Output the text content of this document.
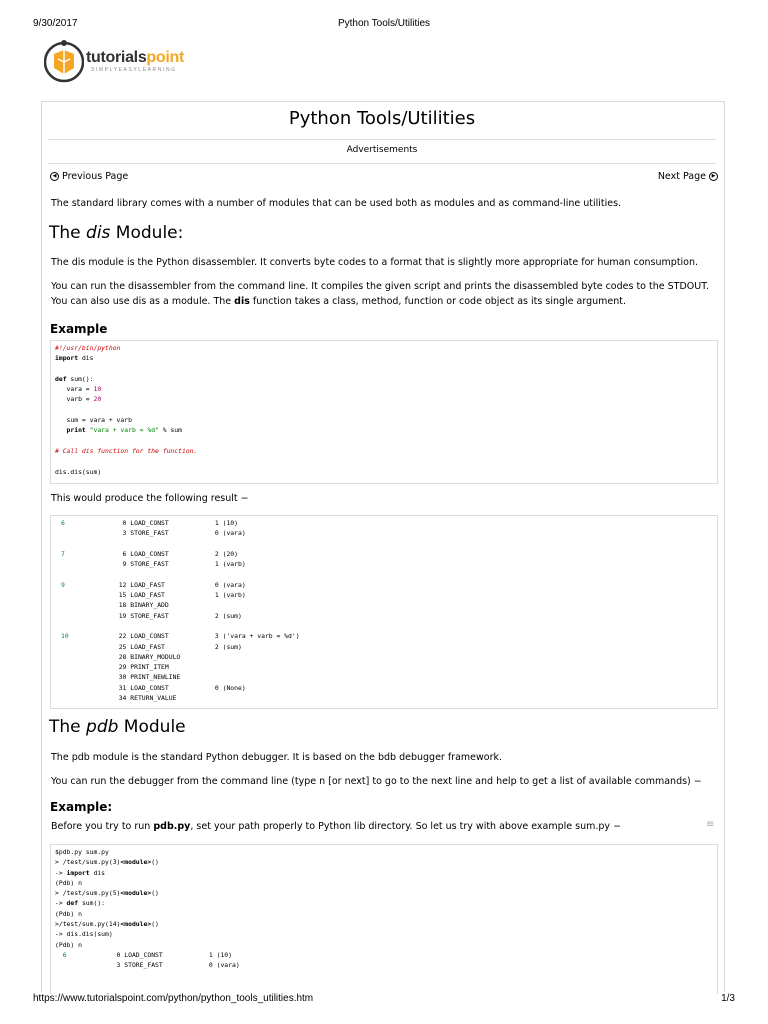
9/30/2017	Python Tools/Utilities
tutorialspoint
SIMPLYEASYLEARNING
Python Tools/Utilities
Advertisements
◀ Previous Page	Next Page ▶

The standard library comes with a number of modules that can be used both as modules and as command-line utilities.

The dis Module:

The dis module is the Python disassembler. It converts byte codes to a format that is slightly more appropriate for human consumption.

You can run the disassembler from the command line. It compiles the given script and prints the disassembled byte codes to the STDOUT. You can also use dis as a module. The dis function takes a class, method, function or code object as its single argument.

Example
#!/usr/bin/python
import dis

def sum():
vara = 10
varb = 20

sum = vara + varb
print "vara + varb = %d" % sum

# Call dis function for the function.

dis.dis(sum)

This would produce the following result −

6               0 LOAD_CONST            1 (10)
3 STORE_FAST            0 (vara)

7               6 LOAD_CONST            2 (20)
9 STORE_FAST            1 (varb)

9              12 LOAD_FAST             0 (vara)
15 LOAD_FAST             1 (varb)
18 BINARY_ADD
19 STORE_FAST            2 (sum)

10             22 LOAD_CONST            3 ('vara + varb = %d')
25 LOAD_FAST             2 (sum)
28 BINARY_MODULO
29 PRINT_ITEM
30 PRINT_NEWLINE
31 LOAD_CONST            0 (None)
34 RETURN_VALUE

The pdb Module

The pdb module is the standard Python debugger. It is based on the bdb debugger framework.

You can run the debugger from the command line (type n [or next] to go to the next line and help to get a list of available commands) −

Example:

Before you try to run pdb.py, set your path properly to Python lib directory. So let us try with above example sum.py −	≡
$pdb.py sum.py
> /test/sum.py(3)<module>()
-> import dis
(Pdb) n
> /test/sum.py(5)<module>()
-> def sum():
(Pdb) n
>/test/sum.py(14)<module>()
-> dis.dis(sum)
(Pdb) n
6             0 LOAD_CONST            1 (10)
3 STORE_FAST            0 (vara)

https://www.tutorialspoint.com/python/python_tools_utilities.htm	1/3
